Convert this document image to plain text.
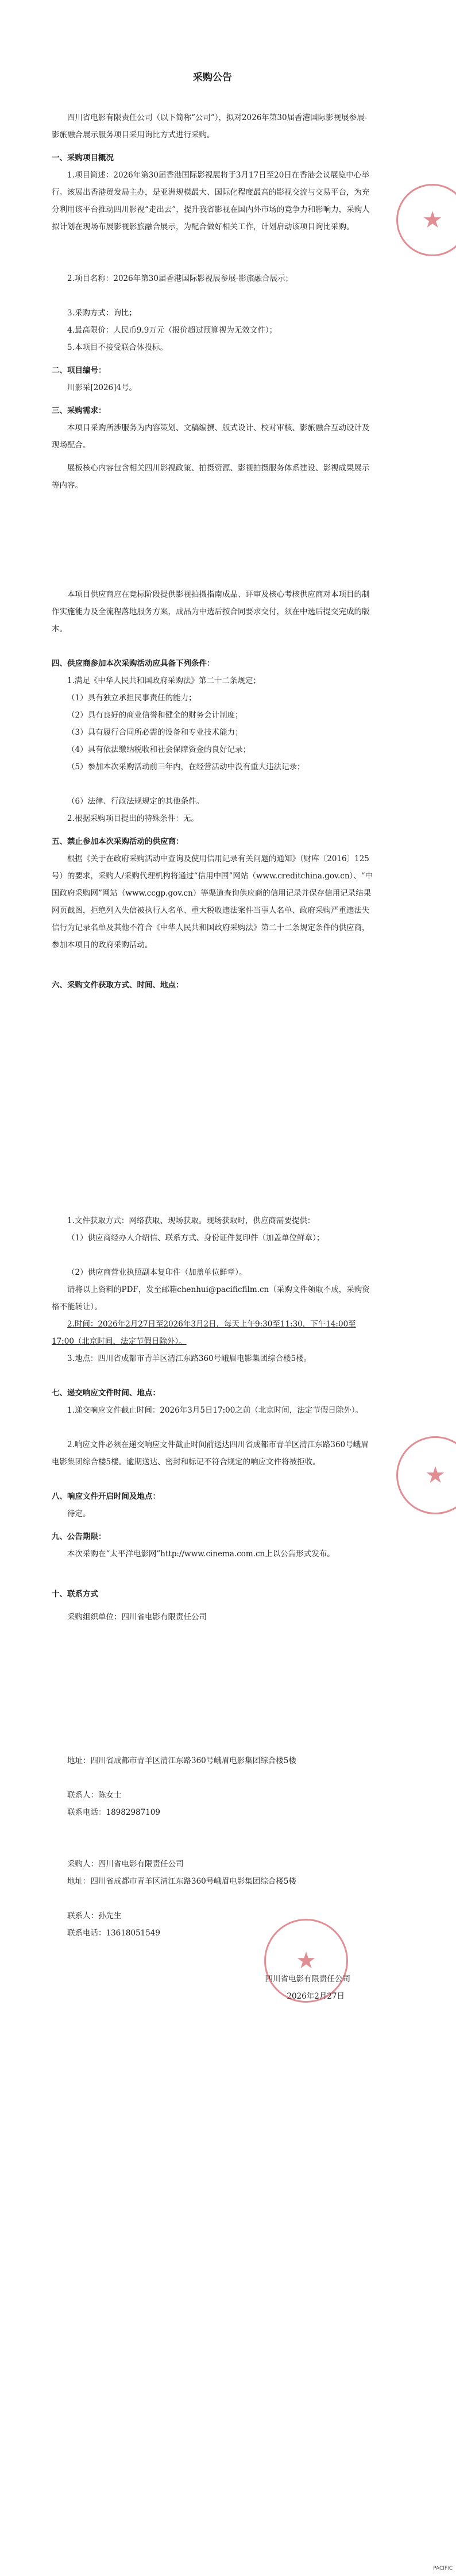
采购公告
四川省电影有限责任公司（以下简称“公司”），拟对2026年第30届香港国际影视展参展-影旅融合展示服务项目采用询比方式进行采购。
一、采购项目概况
1.项目简述：2026年第30届香港国际影视展将于3月17日至20日在香港会议展览中心举行。该展出香港贸发局主办，是亚洲规模最大、国际化程度最高的影视交流与交易平台，为充分利用该平台推动四川影视“走出去”，提升我省影视在国内外市场的竞争力和影响力，采购人拟计划在现场布展影视影旅融合展示，为配合做好相关工作，计划启动该项目询比采购。
2.项目名称：2026年第30届香港国际影视展参展-影旅融合展示；
3.采购方式：询比；
4.最高限价：人民币9.9万元（报价超过预算视为无效文件）；
5.本项目不接受联合体投标。
二、项目编号：
川影采[2026]4号。
三、采购需求：
本项目采购所涉服务为内容策划、文稿编撰、版式设计、校对审核、影旅融合互动设计及现场配合。
展板核心内容包含相关四川影视政策、拍摄资源、影视拍摄服务体系建设、影视成果展示等内容。
本项目供应商应在竞标阶段提供影视拍摄指南成品、评审及核心考核供应商对本项目的制作实施能力及全流程落地服务方案，成品为中选后按合同要求交付，须在中选后提交完成的版本。
四、供应商参加本次采购活动应具备下列条件：
1.满足《中华人民共和国政府采购法》第二十二条规定；
（1）具有独立承担民事责任的能力；
（2）具有良好的商业信誉和健全的财务会计制度；
（3）具有履行合同所必需的设备和专业技术能力；
（4）具有依法缴纳税收和社会保障资金的良好记录；
（5）参加本次采购活动前三年内，在经营活动中没有重大违法记录；
（6）法律、行政法规规定的其他条件。
2.根据采购项目提出的特殊条件：无。
五、禁止参加本次采购活动的供应商：
根据《关于在政府采购活动中查询及使用信用记录有关问题的通知》（财库〔2016〕125号）的要求，采购人/采购代理机构将通过“信用中国”网站（www.creditchina.gov.cn）、“中国政府采购网”网站（www.ccgp.gov.cn）等渠道查询供应商的信用记录并保存信用记录结果网页截图，拒绝列入失信被执行人名单、重大税收违法案件当事人名单、政府采购严重违法失信行为记录名单及其他不符合《中华人民共和国政府采购法》第二十二条规定条件的供应商，参加本项目的政府采购活动。
六、采购文件获取方式、时间、地点：
1.文件获取方式：网络获取、现场获取。现场获取时，供应商需要提供：
（1）供应商经办人介绍信、联系方式、身份证件复印件（加盖单位鲜章）；
（2）供应商营业执照副本复印件（加盖单位鲜章）。
请将以上资料的PDF，发至邮箱chenhui@pacificfilm.cn（采购文件领取不成，采购资格不能转让）。
2.时间：2026年2月27日至2026年3月2日，每天上午9:30至11:30，下午14:00至17:00（北京时间，法定节假日除外）。
3.地点：四川省成都市青羊区清江东路360号峨眉电影集团综合楼5楼。
七、递交响应文件时间、地点：
1.递交响应文件截止时间：2026年3月5日17:00之前（北京时间，法定节假日除外）。
2.响应文件必须在递交响应文件截止时间前送达四川省成都市青羊区清江东路360号峨眉电影集团综合楼5楼。逾期送达、密封和标记不符合规定的响应文件将被拒收。
八、响应文件开启时间及地点：
待定。
九、公告期限：
本次采购在“太平洋电影网”http://www.cinema.com.cn上以公告形式发布。
十、联系方式
采购组织单位：四川省电影有限责任公司
地址：四川省成都市青羊区清江东路360号峨眉电影集团综合楼5楼
联系人：陈女士
联系电话：18982987109
采购人：四川省电影有限责任公司
地址：四川省成都市青羊区清江东路360号峨眉电影集团综合楼5楼
联系人：孙先生
联系电话：13618051549
四川省电影有限责任公司
2026年2月27日
★
★
★
PACIFIC
